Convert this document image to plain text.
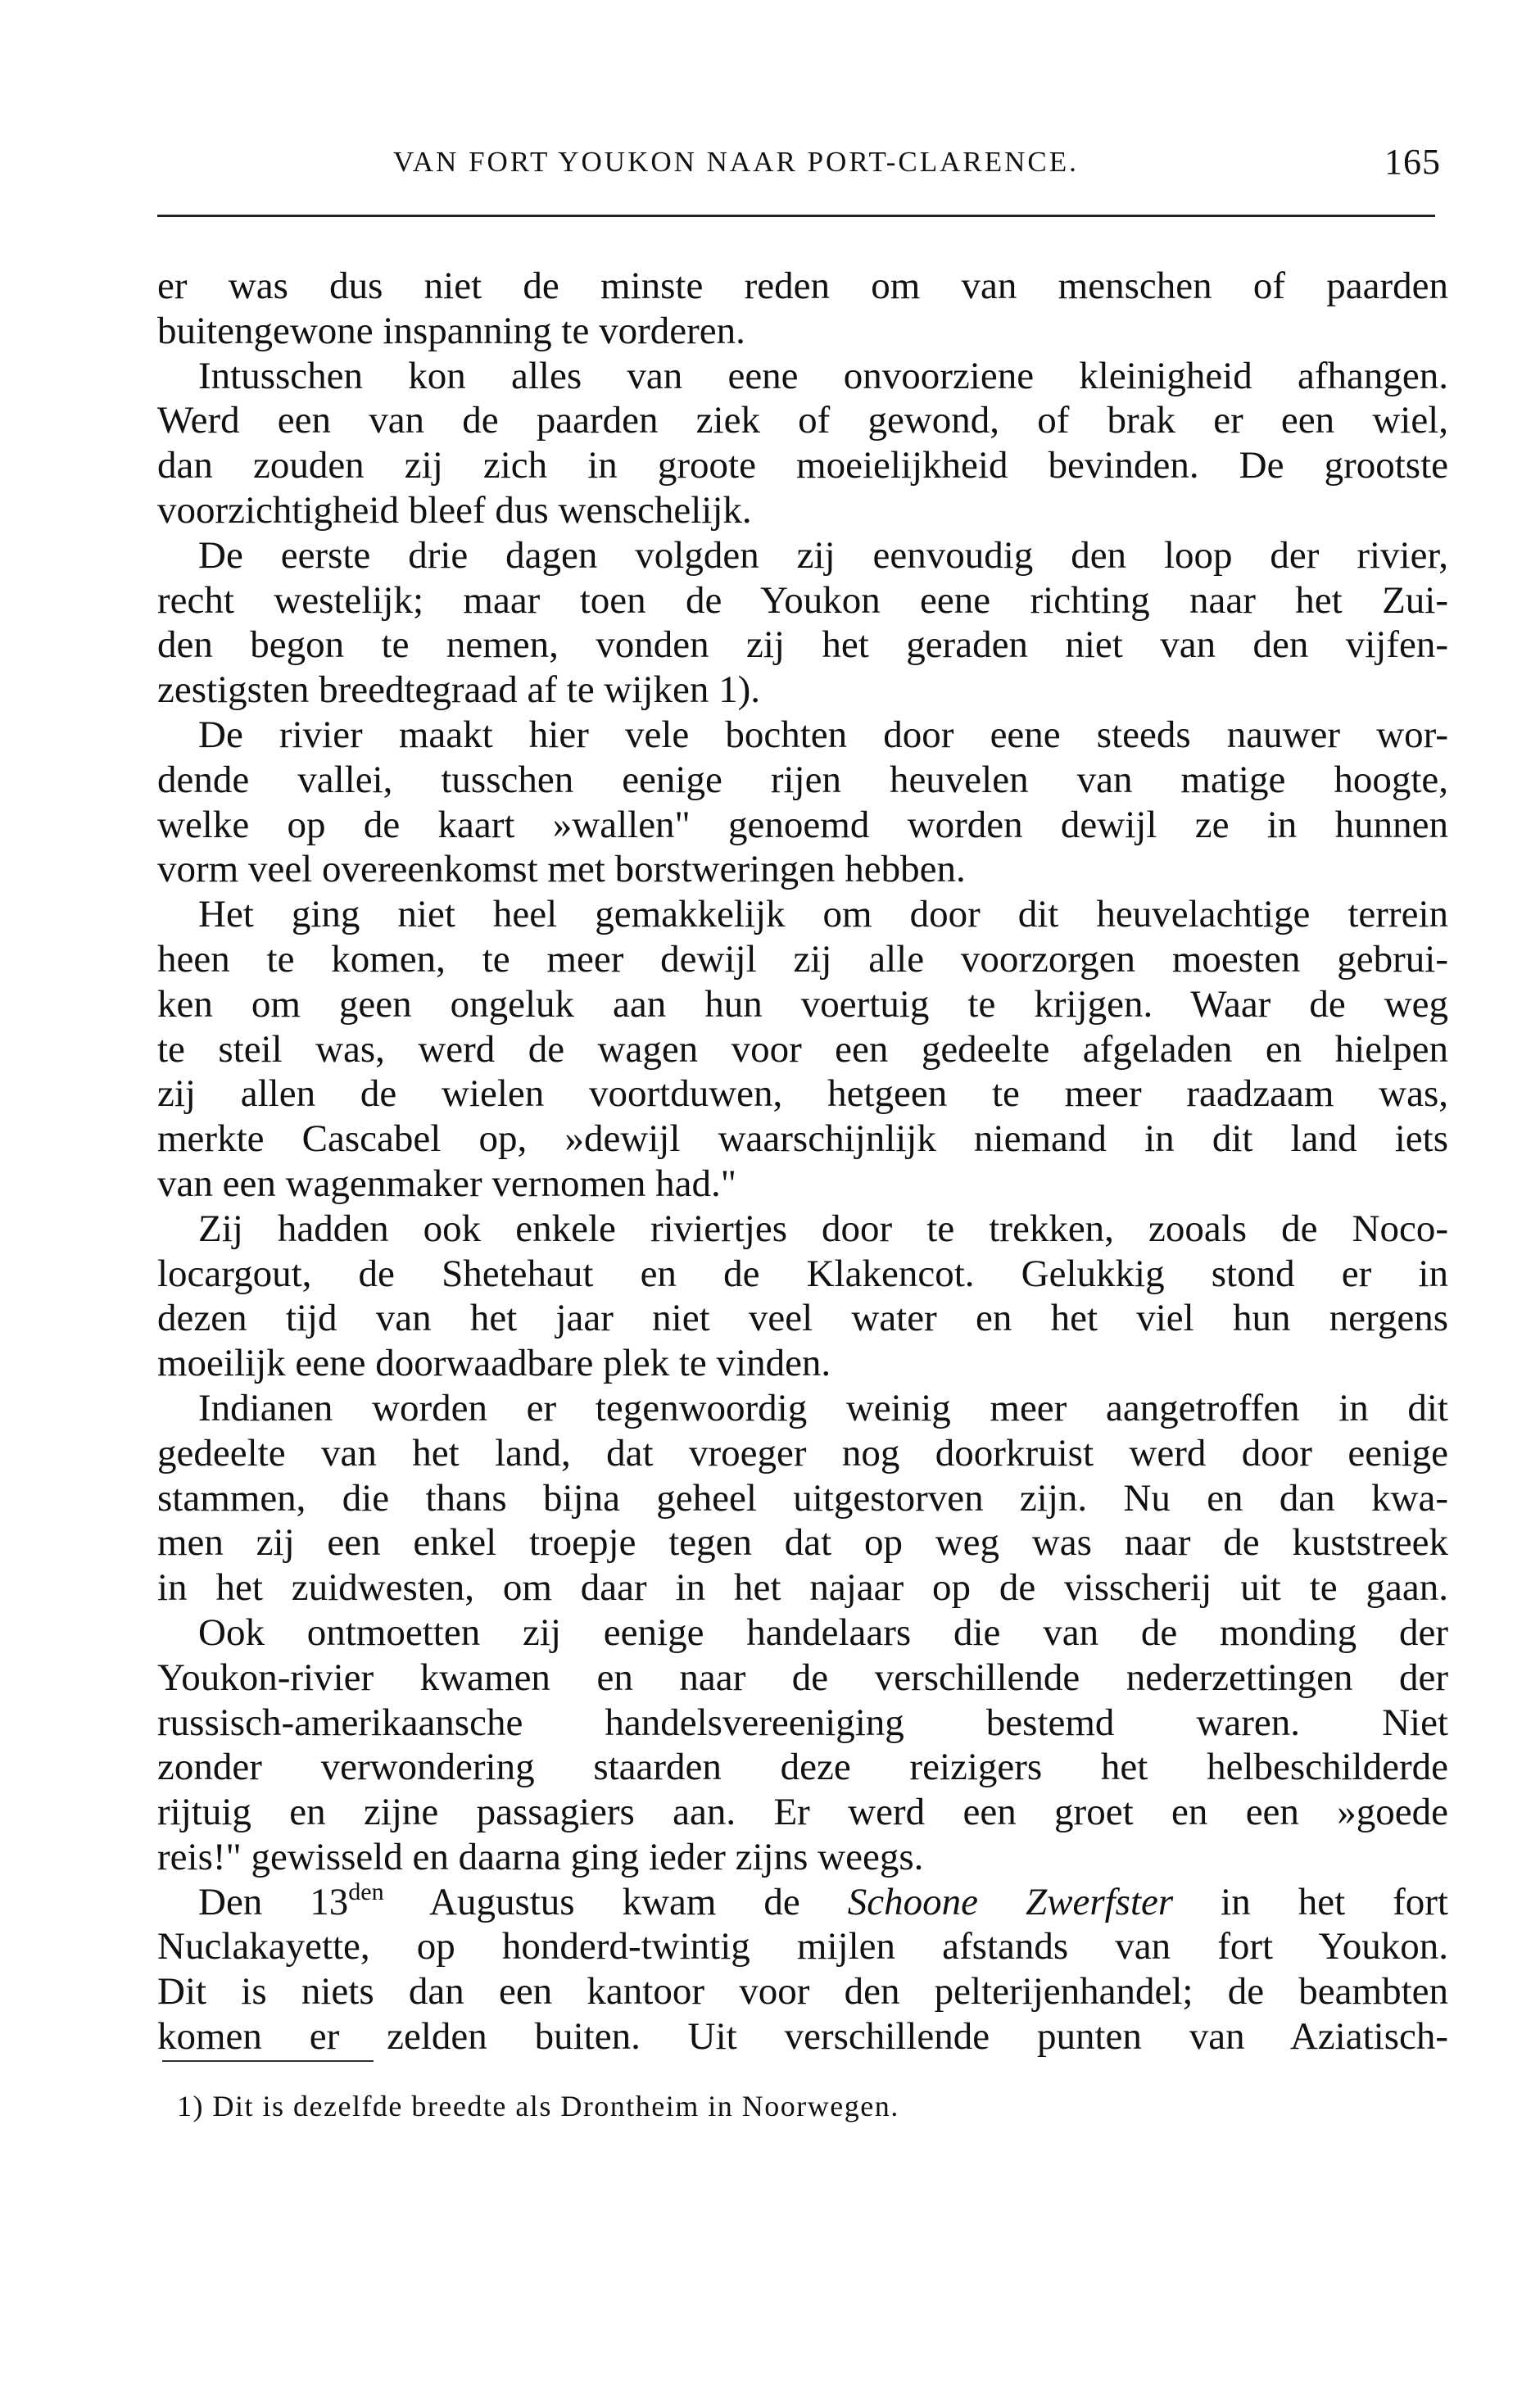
VAN FORT YOUKON NAAR PORT-CLARENCE.	165
er was dus niet de minste reden om van menschen of paarden
buitengewone inspanning te vorderen.
Intusschen kon alles van eene onvoorziene kleinigheid afhangen.
Werd een van de paarden ziek of gewond, of brak er een wiel,
dan zouden zij zich in groote moeielijkheid bevinden. De grootste
voorzichtigheid bleef dus wenschelijk.
De eerste drie dagen volgden zij eenvoudig den loop der rivier,
recht westelijk; maar toen de Youkon eene richting naar het Zui-
den begon te nemen, vonden zij het geraden niet van den vijfen-
zestigsten breedtegraad af te wijken 1).
De rivier maakt hier vele bochten door eene steeds nauwer wor-
dende vallei, tusschen eenige rijen heuvelen van matige hoogte,
welke op de kaart »wallen" genoemd worden dewijl ze in hunnen
vorm veel overeenkomst met borstweringen hebben.
Het ging niet heel gemakkelijk om door dit heuvelachtige terrein
heen te komen, te meer dewijl zij alle voorzorgen moesten gebrui-
ken om geen ongeluk aan hun voertuig te krijgen. Waar de weg
te steil was, werd de wagen voor een gedeelte afgeladen en hielpen
zij allen de wielen voortduwen, hetgeen te meer raadzaam was,
merkte Cascabel op, »dewijl waarschijnlijk niemand in dit land iets
van een wagenmaker vernomen had."
Zij hadden ook enkele riviertjes door te trekken, zooals de Noco-
locargout, de Shetehaut en de Klakencot. Gelukkig stond er in
dezen tijd van het jaar niet veel water en het viel hun nergens
moeilijk eene doorwaadbare plek te vinden.
Indianen worden er tegenwoordig weinig meer aangetroffen in dit
gedeelte van het land, dat vroeger nog doorkruist werd door eenige
stammen, die thans bijna geheel uitgestorven zijn. Nu en dan kwa-
men zij een enkel troepje tegen dat op weg was naar de kuststreek
in het zuidwesten, om daar in het najaar op de visscherij uit te gaan.
Ook ontmoetten zij eenige handelaars die van de monding der
Youkon-rivier kwamen en naar de verschillende nederzettingen der
russisch-amerikaansche handelsvereeniging bestemd waren. Niet
zonder verwondering staarden deze reizigers het helbeschilderde
rijtuig en zijne passagiers aan. Er werd een groet en een »goede
reis!" gewisseld en daarna ging ieder zijns weegs.
Den $13^{den}$ Augustus kwam de Schoone Zwerfster in het fort
Nuclakayette, op honderd-twintig mijlen afstands van fort Youkon.
Dit is niets dan een kantoor voor den pelterijenhandel; de beambten
komen er zelden buiten. Uit verschillende punten van Aziatisch-
1) Dit is dezelfde breedte als Drontheim in Noorwegen.
